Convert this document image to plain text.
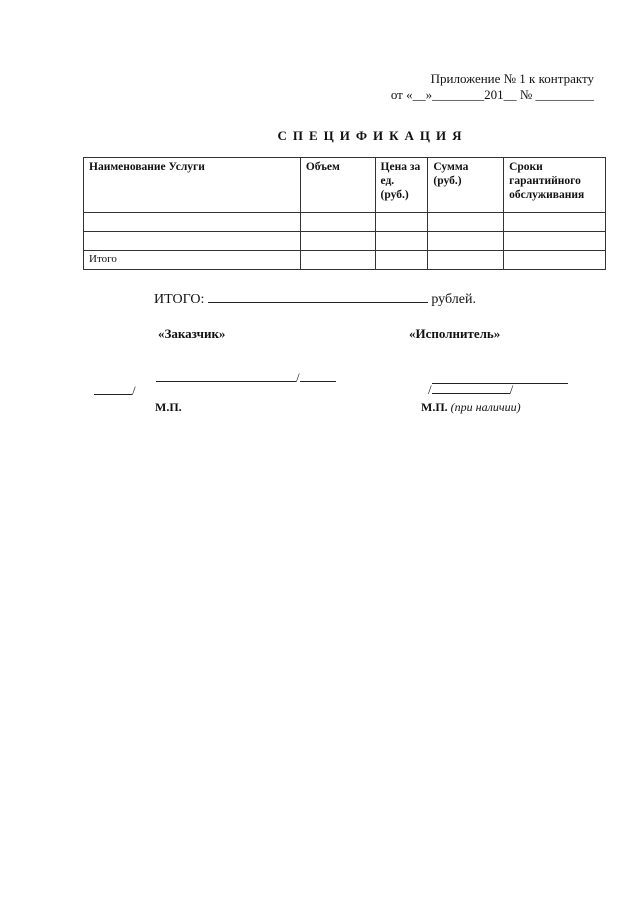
Приложение № 1 к контракту
от «__»________201__ № _________
СПЕЦИФИКАЦИЯ
Наименование Услуги	Объем	Цена за ед. (руб.)	Сумма (руб.)	Сроки гарантийного обслуживания

Итого				
ИТОГО:	рублей.
«Заказчик»	«Исполнитель»
/
/
М.П.
/	/
М.П. (при наличии)
